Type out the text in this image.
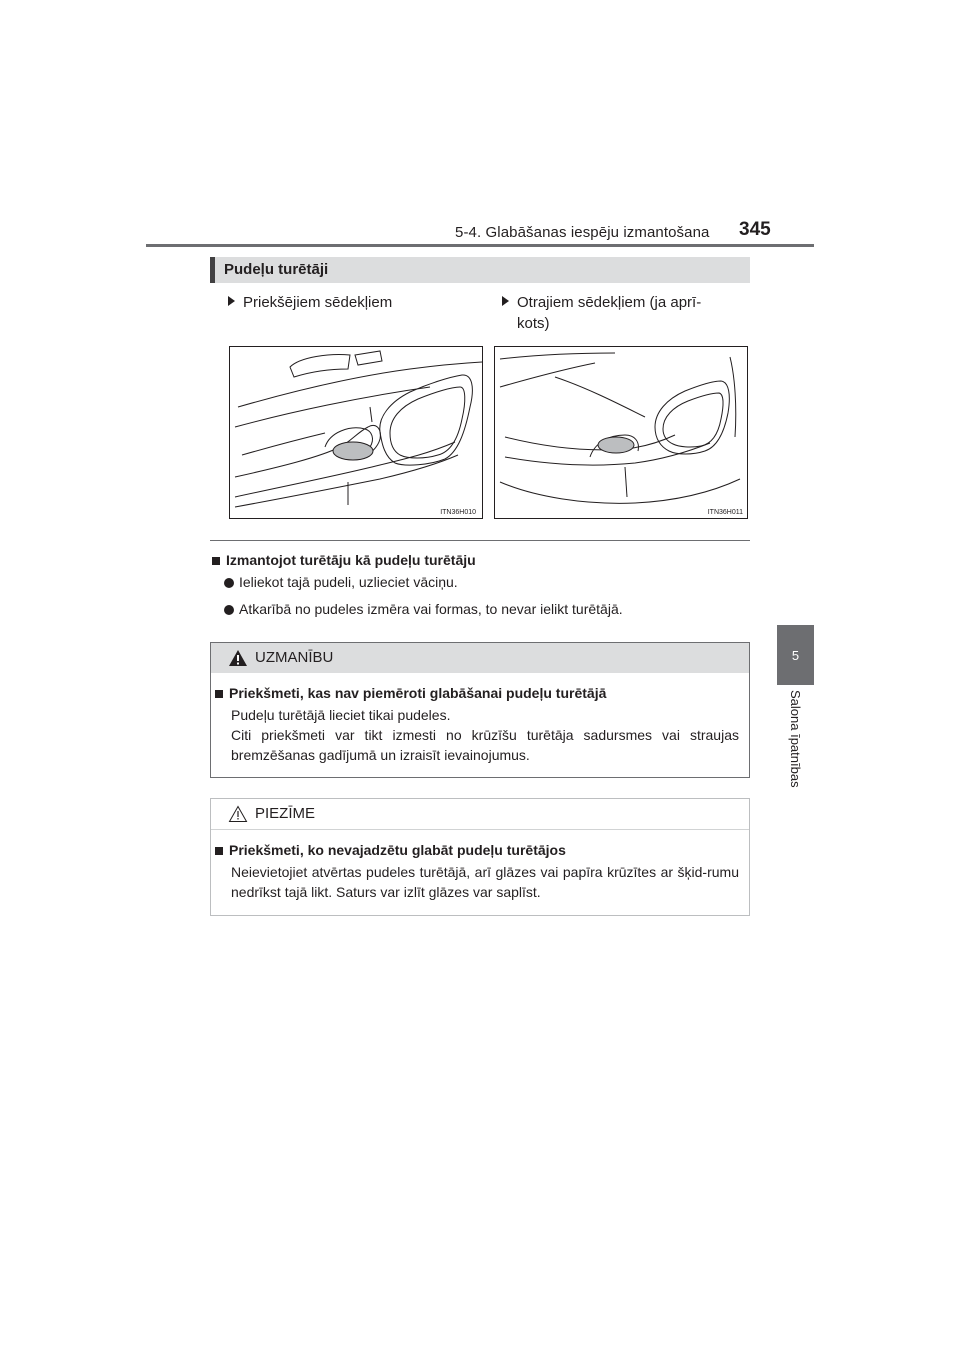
5-4. Glabāšanas iespēju izmantošana 345
5
Salona īpatnības
Pudeļu turētāji
Priekšējiem sēdekļiem	Otrajiem sēdekļiem (ja aprī-
kots)
ITN36H010	ITN36H011
Izmantojot turētāju kā pudeļu turētāju
Ieliekot tajā pudeli, uzlieciet vāciņu.
Atkarībā no pudeles izmēra vai formas, to nevar ielikt turētājā.
UZMANĪBU
Priekšmeti, kas nav piemēroti glabāšanai pudeļu turētājā
Pudeļu turētājā lieciet tikai pudeles.
Citi priekšmeti var tikt izmesti no krūzīšu turētāja sadursmes vai straujas bremzēšanas gadījumā un izraisīt ievainojumus.
PIEZĪME
Priekšmeti, ko nevajadzētu glabāt pudeļu turētājos
Neievietojiet atvērtas pudeles turētājā, arī glāzes vai papīra krūzītes ar šķid-rumu nedrīkst tajā likt. Saturs var izlīt glāzes var saplīst.
